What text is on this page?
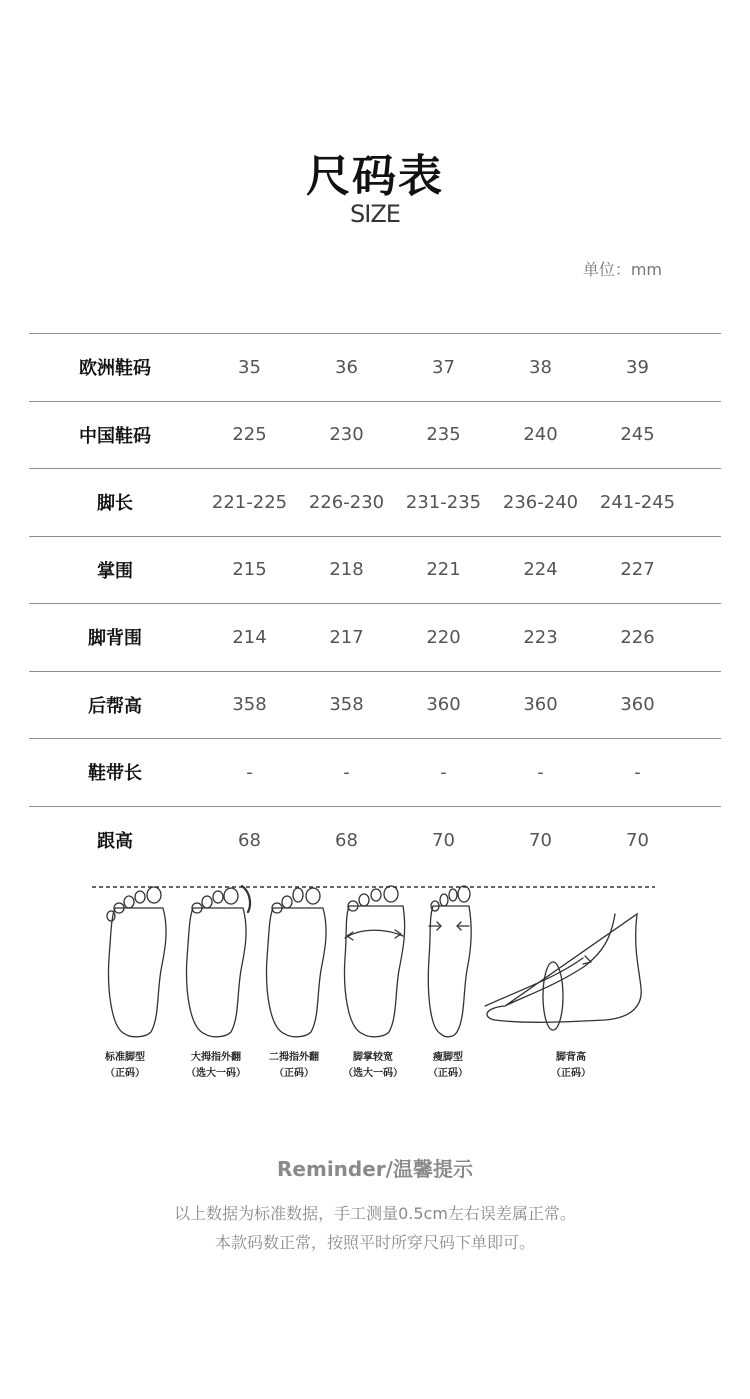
尺码表
SIZE
单位：mm
欧洲鞋码	35	36	37	38	39
中国鞋码	225	230	235	240	245
脚长	221-225	226-230	231-235	236-240	241-245
掌围	215	218	221	224	227
脚背围	214	217	220	223	226
后帮高	358	358	360	360	360
鞋带长	-	-	-	-	-
跟高	68	68	70	70	70
标准脚型
（正码）
大拇指外翻
（选大一码）
二拇指外翻
（正码）
脚掌较宽
（选大一码）
瘦脚型
（正码）
脚背高
（正码）
Reminder/温馨提示
以上数据为标准数据，手工测量0.5cm左右误差属正常。
本款码数正常，按照平时所穿尺码下单即可。
